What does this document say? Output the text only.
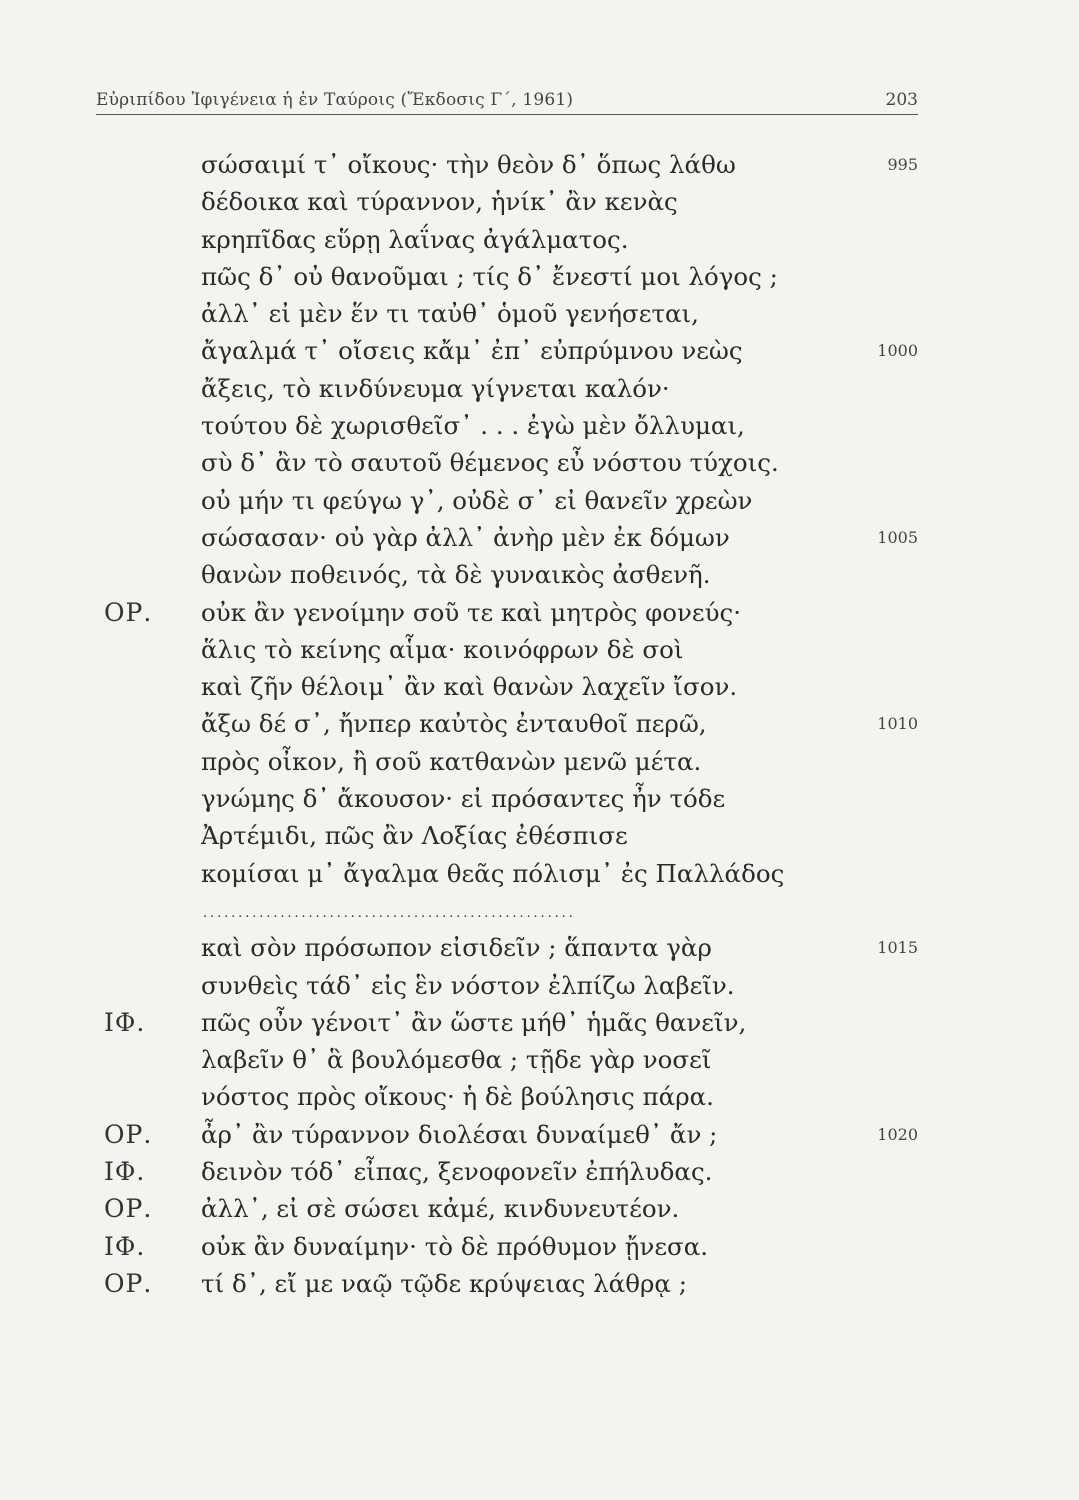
Εὐριπίδου Ἰφιγένεια ἡ ἐν Ταύροις (Ἔκδοσις Γ΄, 1961)	203
σώσαιμί τ᾽ οἴκους· τὴν θεὸν δ᾽ ὅπως λάθω	995
δέδοικα καὶ τύραννον, ἡνίκ᾽ ἂν κενὰς
κρηπῖδας εὕρῃ λαΐνας ἀγάλματος.
πῶς δ᾽ οὐ θανοῦμαι ; τίς δ᾽ ἔνεστί μοι λόγος ;
ἀλλ᾽ εἰ μὲν ἕν τι ταὐθ᾽ ὁμοῦ γενήσεται,
ἄγαλμά τ᾽ οἴσεις κἄμ᾽ ἐπ᾽ εὐπρύμνου νεὼς	1000
ἄξεις, τὸ κινδύνευμα γίγνεται καλόν·
τούτου δὲ χωρισθεῖσ᾽ . . . ἐγὼ μὲν ὄλλυμαι,
σὺ δ᾽ ἂν τὸ σαυτοῦ θέμενος εὖ νόστου τύχοις.
οὐ μήν τι φεύγω γ᾽, οὐδὲ σ᾽ εἰ θανεῖν χρεὼν
σώσασαν· οὐ γὰρ ἀλλ᾽ ἀνὴρ μὲν ἐκ δόμων	1005
θανὼν ποθεινός, τὰ δὲ γυναικὸς ἀσθενῆ.
ΟΡ. οὐκ ἂν γενοίμην σοῦ τε καὶ μητρὸς φονεύς·
ἅλις τὸ κείνης αἷμα· κοινόφρων δὲ σοὶ
καὶ ζῆν θέλοιμ᾽ ἂν καὶ θανὼν λαχεῖν ἴσον.
ἄξω δέ σ᾽, ἤνπερ καὐτὸς ἐνταυθοῖ περῶ,	1010
πρὸς οἶκον, ἢ σοῦ κατθανὼν μενῶ μέτα.
γνώμης δ᾽ ἄκουσον· εἰ πρόσαντες ἦν τόδε
Ἀρτέμιδι, πῶς ἂν Λοξίας ἐθέσπισε
κομίσαι μ᾽ ἄγαλμα θεᾶς πόλισμ᾽ ἐς Παλλάδος
.....................................................
καὶ σὸν πρόσωπον εἰσιδεῖν ; ἅπαντα γὰρ	1015
συνθεὶς τάδ᾽ εἰς ἓν νόστον ἐλπίζω λαβεῖν.
ΙΦ. πῶς οὖν γένοιτ᾽ ἂν ὥστε μήθ᾽ ἡμᾶς θανεῖν,
λαβεῖν θ᾽ ἃ βουλόμεσθα ; τῇδε γὰρ νοσεῖ
νόστος πρὸς οἴκους· ἡ δὲ βούλησις πάρα.
ΟΡ. ἆρ᾽ ἂν τύραννον διολέσαι δυναίμεθ᾽ ἄν ;	1020
ΙΦ. δεινὸν τόδ᾽ εἶπας, ξενοφονεῖν ἐπήλυδας.
ΟΡ. ἀλλ᾽, εἰ σὲ σώσει κἀμέ, κινδυνευτέον.
ΙΦ. οὐκ ἂν δυναίμην· τὸ δὲ πρόθυμον ᾔνεσα.
ΟΡ. τί δ᾽, εἴ με ναῷ τῷδε κρύψειας λάθρᾳ ;
